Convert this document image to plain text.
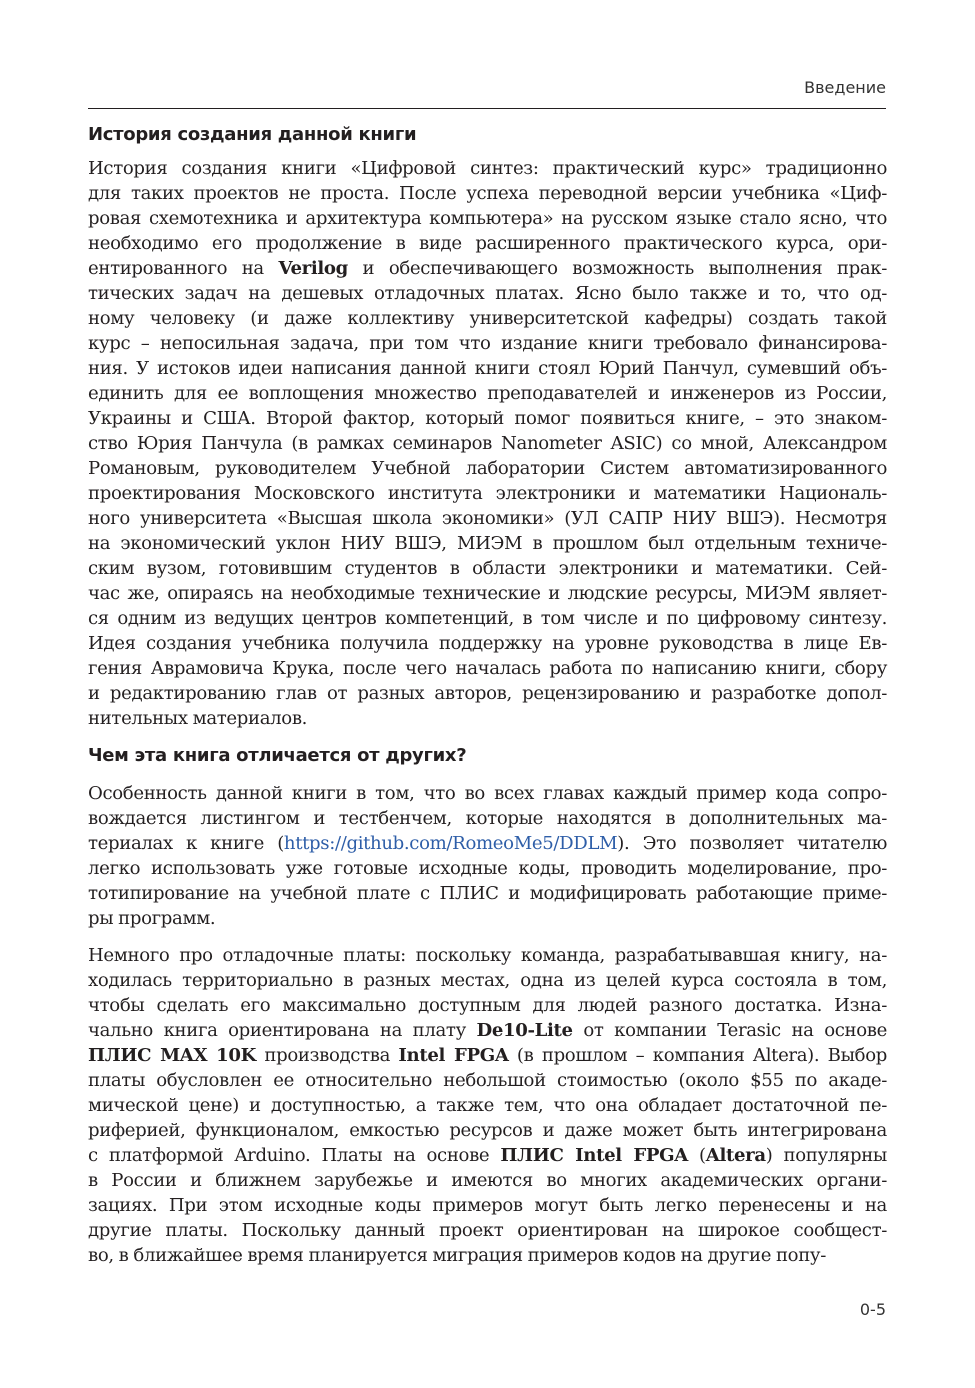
Введение
История создания данной книги
История создания книги «Цифровой синтез: практический курс» традиционно
для таких проектов не проста. После успеха переводной версии учебника «Циф-
ровая схемотехника и архитектура компьютера» на русском языке стало ясно, что
необходимо его продолжение в виде расширенного практического курса, ори-
ентированного на Verilog и обеспечивающего возможность выполнения прак-
тических задач на дешевых отладочных платах. Ясно было также и то, что од-
ному человеку (и даже коллективу университетской кафедры) создать такой
курс – непосильная задача, при том что издание книги требовало финансирова-
ния. У истоков идеи написания данной книги стоял Юрий Панчул, сумевший объ-
единить для ее воплощения множество преподавателей и инженеров из России,
Украины и США. Второй фактор, который помог появиться книге, – это знаком-
ство Юрия Панчула (в рамках семинаров Nanometer ASIC) со мной, Александром
Романовым, руководителем Учебной лаборатории Систем автоматизированного
проектирования Московского института электроники и математики Националь-
ного университета «Высшая школа экономики» (УЛ САПР НИУ ВШЭ). Несмотря
на экономический уклон НИУ ВШЭ, МИЭМ в прошлом был отдельным техниче-
ским вузом, готовившим студентов в области электроники и математики. Сей-
час же, опираясь на необходимые технические и людские ресурсы, МИЭМ являет-
ся одним из ведущих центров компетенций, в том числе и по цифровому синтезу.
Идея создания учебника получила поддержку на уровне руководства в лице Ев-
гения Аврамовича Крука, после чего началась работа по написанию книги, сбору
и редактированию глав от разных авторов, рецензированию и разработке допол-
нительных материалов.
Чем эта книга отличается от других?
Особенность данной книги в том, что во всех главах каждый пример кода сопро-
вождается листингом и тестбенчем, которые находятся в дополнительных ма-
териалах к книге (https://github.com/RomeoMe5/DDLM). Это позволяет читателю
легко использовать уже готовые исходные коды, проводить моделирование, про-
тотипирование на учебной плате с ПЛИС и модифицировать работающие приме-
ры программ.
Немного про отладочные платы: поскольку команда, разрабатывавшая книгу, на-
ходилась территориально в разных местах, одна из целей курса состояла в том,
чтобы сделать его максимально доступным для людей разного достатка. Изна-
чально книга ориентирована на плату De10-Lite от компании Terasic на основе
ПЛИС MAX 10K производства Intel FPGA (в прошлом – компания Altera). Выбор
платы обусловлен ее относительно небольшой стоимостью (около $55 по акаде-
мической цене) и доступностью, а также тем, что она обладает достаточной пе-
риферией, функционалом, емкостью ресурсов и даже может быть интегрирована
с платформой Arduino. Платы на основе ПЛИС Intel FPGA (Altera) популярны
в России и ближнем зарубежье и имеются во многих академических органи-
зациях. При этом исходные коды примеров могут быть легко перенесены и на
другие платы. Поскольку данный проект ориентирован на широкое сообщест-
во, в ближайшее время планируется миграция примеров кодов на другие попу-
0-5
